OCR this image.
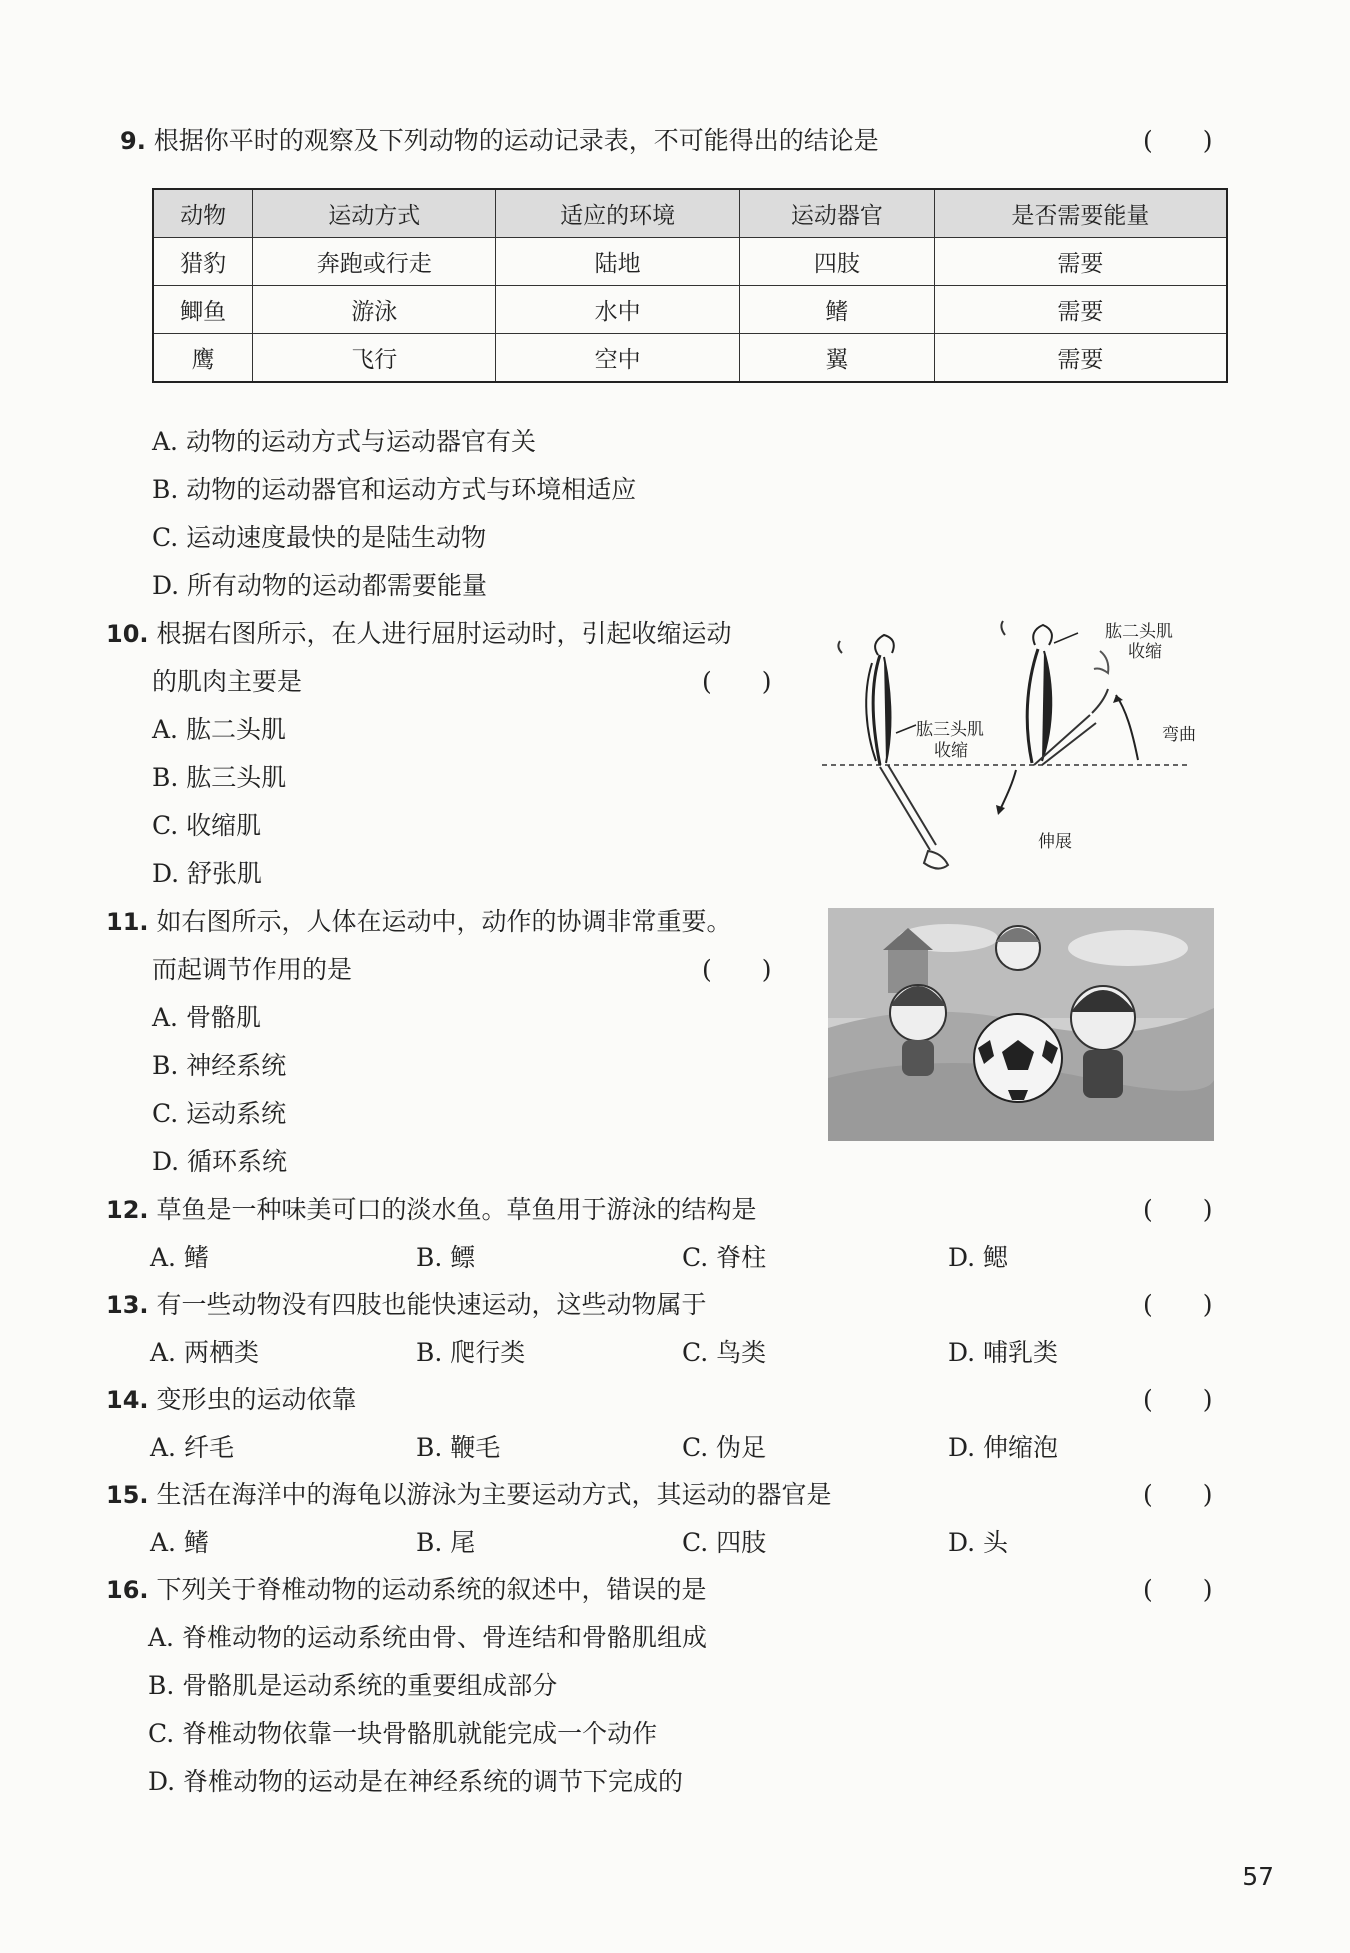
9. 根据你平时的观察及下列动物的运动记录表，不可能得出的结论是	(　　)
动物	运动方式	适应的环境	运动器官	是否需要能量
猎豹	奔跑或行走	陆地	四肢	需要
鲫鱼	游泳	水中	鳍	需要
鹰	飞行	空中	翼	需要
A. 动物的运动方式与运动器官有关
B. 动物的运动器官和运动方式与环境相适应
C. 运动速度最快的是陆生动物
D. 所有动物的运动都需要能量
10. 根据右图所示，在人进行屈肘运动时，引起收缩运动
的肌肉主要是	(　　)
A. 肱二头肌
B. 肱三头肌
C. 收缩肌
D. 舒张肌
肱二头肌
收缩
肱三头肌
收缩
弯曲
伸展
11. 如右图所示，人体在运动中，动作的协调非常重要。
而起调节作用的是	(　　)
A. 骨骼肌
B. 神经系统
C. 运动系统
D. 循环系统
12. 草鱼是一种味美可口的淡水鱼。草鱼用于游泳的结构是	(　　)
A. 鳍	B. 鳔	C. 脊柱	D. 鳃
13. 有一些动物没有四肢也能快速运动，这些动物属于	(　　)
A. 两栖类	B. 爬行类	C. 鸟类	D. 哺乳类
14. 变形虫的运动依靠	(　　)
A. 纤毛	B. 鞭毛	C. 伪足	D. 伸缩泡
15. 生活在海洋中的海龟以游泳为主要运动方式，其运动的器官是	(　　)
A. 鳍	B. 尾	C. 四肢	D. 头
16. 下列关于脊椎动物的运动系统的叙述中，错误的是	(　　)
A. 脊椎动物的运动系统由骨、骨连结和骨骼肌组成
B. 骨骼肌是运动系统的重要组成部分
C. 脊椎动物依靠一块骨骼肌就能完成一个动作
D. 脊椎动物的运动是在神经系统的调节下完成的
57
